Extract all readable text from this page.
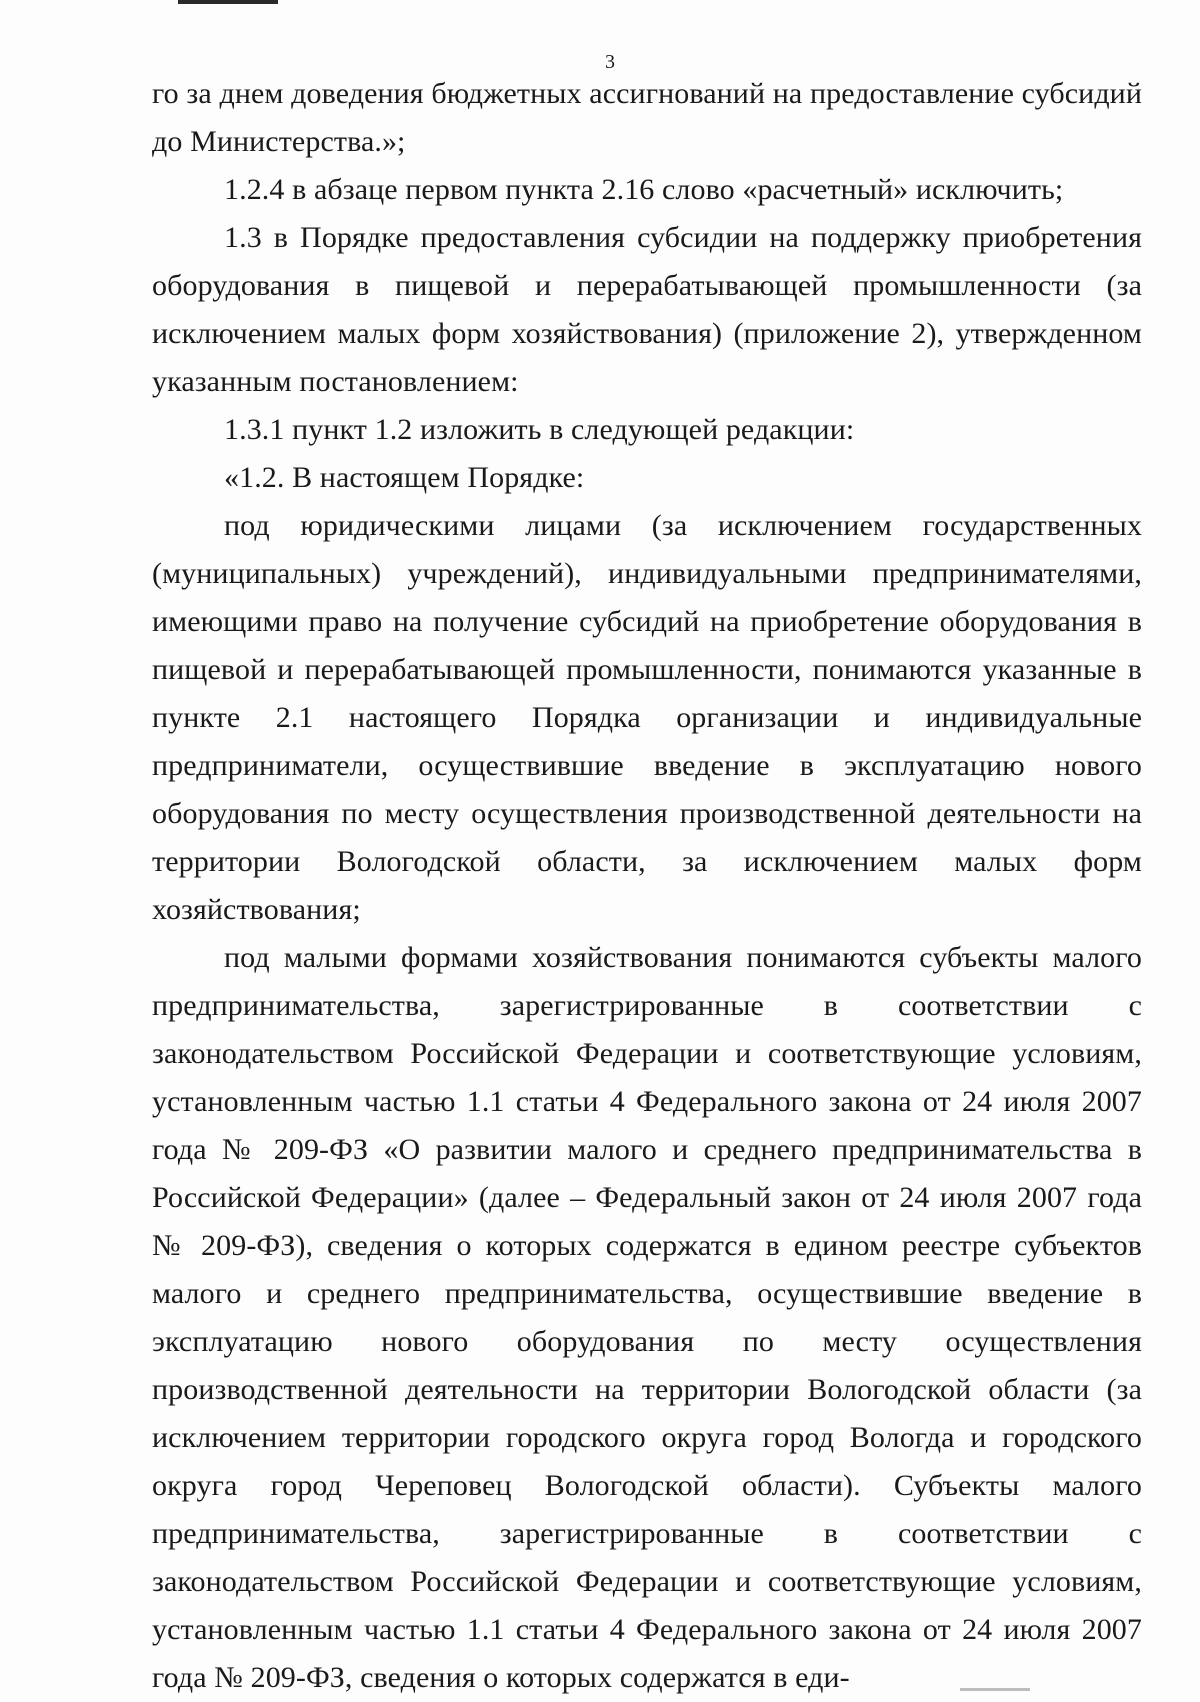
3

го за днем доведения бюджетных ассигнований на предоставление субсидий до Министерства.»;

1.2.4 в абзаце первом пункта 2.16 слово «расчетный» исключить;

1.3 в Порядке предоставления субсидии на поддержку приобретения оборудования в пищевой и перерабатывающей промышленности (за исключением малых форм хозяйствования) (приложение 2), утвержденном указанным постановлением:

1.3.1 пункт 1.2 изложить в следующей редакции:

«1.2. В настоящем Порядке:

под юридическими лицами (за исключением государственных (муниципальных) учреждений), индивидуальными предпринимателями, имеющими право на получение субсидий на приобретение оборудования в пищевой и перерабатывающей промышленности, понимаются указанные в пункте 2.1 настоящего Порядка организации и индивидуальные предприниматели, осуществившие введение в эксплуатацию нового оборудования по месту осуществления производственной деятельности на территории Вологодской области, за исключением малых форм хозяйствования;

под малыми формами хозяйствования понимаются субъекты малого предпринимательства, зарегистрированные в соответствии с законодательством Российской Федерации и соответствующие условиям, установленным частью 1.1 статьи 4 Федерального закона от 24 июля 2007 года № 209-ФЗ «О развитии малого и среднего предпринимательства в Российской Федерации» (далее – Федеральный закон от 24 июля 2007 года № 209-ФЗ), сведения о которых содержатся в едином реестре субъектов малого и среднего предпринимательства, осуществившие введение в эксплуатацию нового оборудования по месту осуществления производственной деятельности на территории Вологодской области (за исключением территории городского округа город Вологда и городского округа город Череповец Вологодской области). Субъекты малого предпринимательства, зарегистрированные в соответствии с законодательством Российской Федерации и соответствующие условиям, установленным частью 1.1 статьи 4 Федерального закона от 24 июля 2007 года № 209-ФЗ, сведения о которых содержатся в еди-
